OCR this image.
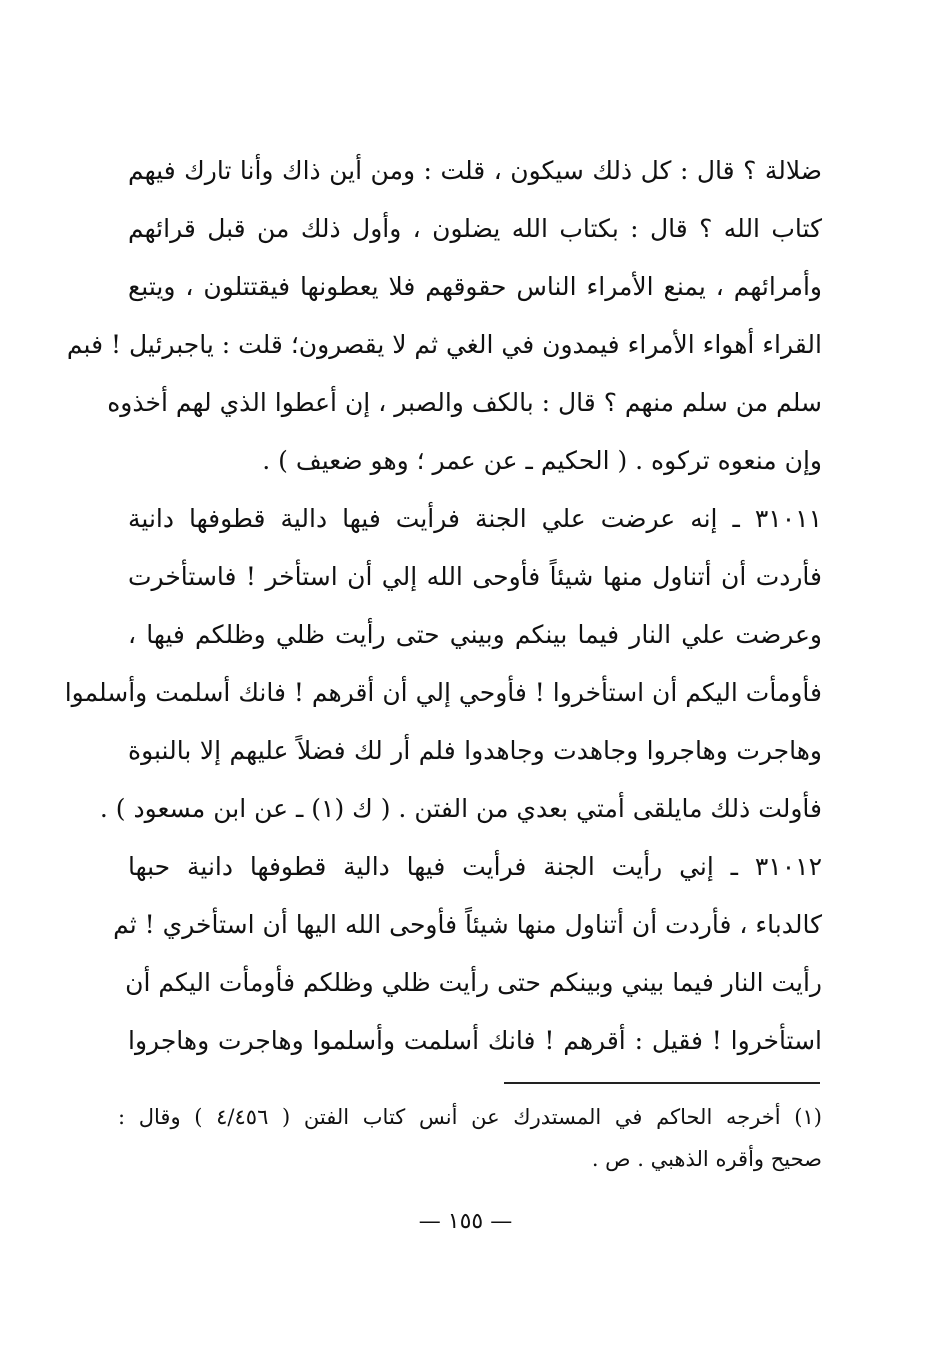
ضلالة ؟ قال : كل ذلك سيكون ، قلت : ومن أين ذاك وأنا تارك فيهم
كتاب الله ؟ قال : بكتاب الله يضلون ، وأول ذلك من قبل قرائهم
وأمرائهم ، يمنع الأمراء الناس حقوقهم فلا يعطونها فيقتتلون ، ويتبع
القراء أهواء الأمراء فيمدون في الغي ثم لا يقصرون؛ قلت : ياجبرئيل ! فبم
سلم من سلم منهم ؟ قال : بالكف والصبر ، إن أعطوا الذي لهم أخذوه
وإن منعوه تركوه . ( الحكيم ـ عن عمر ؛ وهو ضعيف ) .
٣١٠١١ ـ إنه عرضت علي الجنة فرأيت فيها دالية قطوفها دانية
فأردت أن أتناول منها شيئاً فأوحى الله إلي أن استأخر ! فاستأخرت
وعرضت علي النار فيما بينكم وبيني حتى رأيت ظلي وظلكم فيها ،
فأومأت اليكم أن استأخروا ! فأوحي إلي أن أقرهم ! فانك أسلمت وأسلموا
وهاجرت وهاجروا وجاهدت وجاهدوا فلم أر لك فضلاً عليهم إلا بالنبوة
فأولت ذلك مايلقى أمتي بعدي من الفتن . ( ك (١) ـ عن ابن مسعود ) .
٣١٠١٢ ـ إني رأيت الجنة فرأيت فيها دالية قطوفها دانية حبها
كالدباء ، فأردت أن أتناول منها شيئاً فأوحى الله اليها أن استأخري ! ثم
رأيت النار فيما بيني وبينكم حتى رأيت ظلي وظلكم فأومأت اليكم أن
استأخروا ! فقيل : أقرهم ! فانك أسلمت وأسلموا وهاجرت وهاجروا
(١) أخرجه الحاكم في المستدرك عن أنس كتاب الفتن ( ٤/٤٥٦ ) وقال :
صحيح وأقره الذهبي . ص .
— ١٥٥ —
